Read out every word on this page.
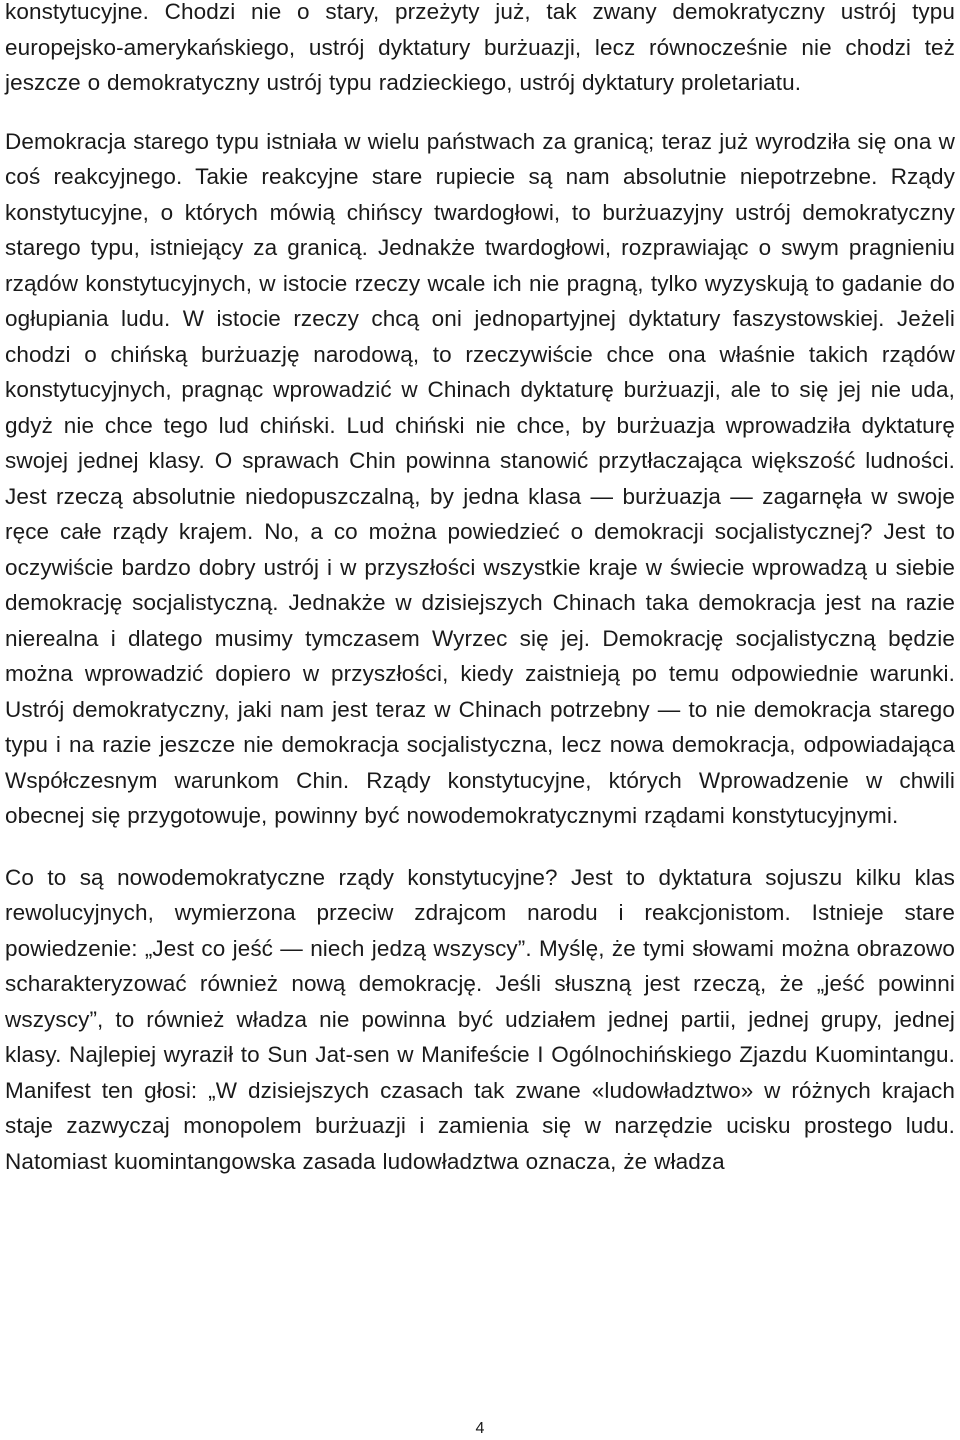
konstytucyjne. Chodzi nie o stary, przeżyty już, tak zwany demokratyczny ustrój typu europejsko-amerykańskiego, ustrój dyktatury burżuazji, lecz równocześnie nie chodzi też jeszcze o demokratyczny ustrój typu radzieckiego, ustrój dyktatury proletariatu.

Demokracja starego typu istniała w wielu państwach za granicą; teraz już wyrodziła się ona w coś reakcyjnego. Takie reakcyjne stare rupiecie są nam absolutnie niepotrzebne. Rządy konstytucyjne, o których mówią chińscy twardogłowi, to burżuazyjny ustrój demokratyczny starego typu, istniejący za granicą. Jednakże twardogłowi, rozprawiając o swym pragnieniu rządów konstytucyjnych, w istocie rzeczy wcale ich nie pragną, tylko wyzyskują to gadanie do ogłupiania ludu. W istocie rzeczy chcą oni jednopartyjnej dyktatury faszystowskiej. Jeżeli chodzi o chińską burżuazję narodową, to rzeczywiście chce ona właśnie takich rządów konstytucyjnych, pragnąc wprowadzić w Chinach dyktaturę burżuazji, ale to się jej nie uda, gdyż nie chce tego lud chiński. Lud chiński nie chce, by burżuazja wprowadziła dyktaturę swojej jednej klasy. O sprawach Chin powinna stanowić przytłaczająca większość ludności. Jest rzeczą absolutnie niedopuszczalną, by jedna klasa — burżuazja — zagarnęła w swoje ręce całe rządy krajem. No, a co można powiedzieć o demokracji socjalistycznej? Jest to oczywiście bardzo dobry ustrój i w przyszłości wszystkie kraje w świecie wprowadzą u siebie demokrację socjalistyczną. Jednakże w dzisiejszych Chinach taka demokracja jest na razie nierealna i dlatego musimy tymczasem Wyrzec się jej. Demokrację socjalistyczną będzie można wprowadzić dopiero w przyszłości, kiedy zaistnieją po temu odpowiednie warunki. Ustrój demokratyczny, jaki nam jest teraz w Chinach potrzebny — to nie demokracja starego typu i na razie jeszcze nie demokracja socjalistyczna, lecz nowa demokracja, odpowiadająca Współczesnym warunkom Chin. Rządy konstytucyjne, których Wprowadzenie w chwili obecnej się przygotowuje, powinny być nowodemokratycznymi rządami konstytucyjnymi.

Co to są nowodemokratyczne rządy konstytucyjne? Jest to dyktatura sojuszu kilku klas rewolucyjnych, wymierzona przeciw zdrajcom narodu i reakcjonistom. Istnieje stare powiedzenie: „Jest co jeść — niech jedzą wszyscy”. Myślę, że tymi słowami można obrazowo scharakteryzować również nową demokrację. Jeśli słuszną jest rzeczą, że „jeść powinni wszyscy”, to również władza nie powinna być udziałem jednej partii, jednej grupy, jednej klasy. Najlepiej wyraził to Sun Jat-sen w Manifeście I Ogólnochińskiego Zjazdu Kuomintangu. Manifest ten głosi: „W dzisiejszych czasach tak zwane «ludowładztwo» w różnych krajach staje zazwyczaj monopolem burżuazji i zamienia się w narzędzie ucisku prostego ludu. Natomiast kuomintangowska zasada ludowładztwa oznacza, że władza

4
